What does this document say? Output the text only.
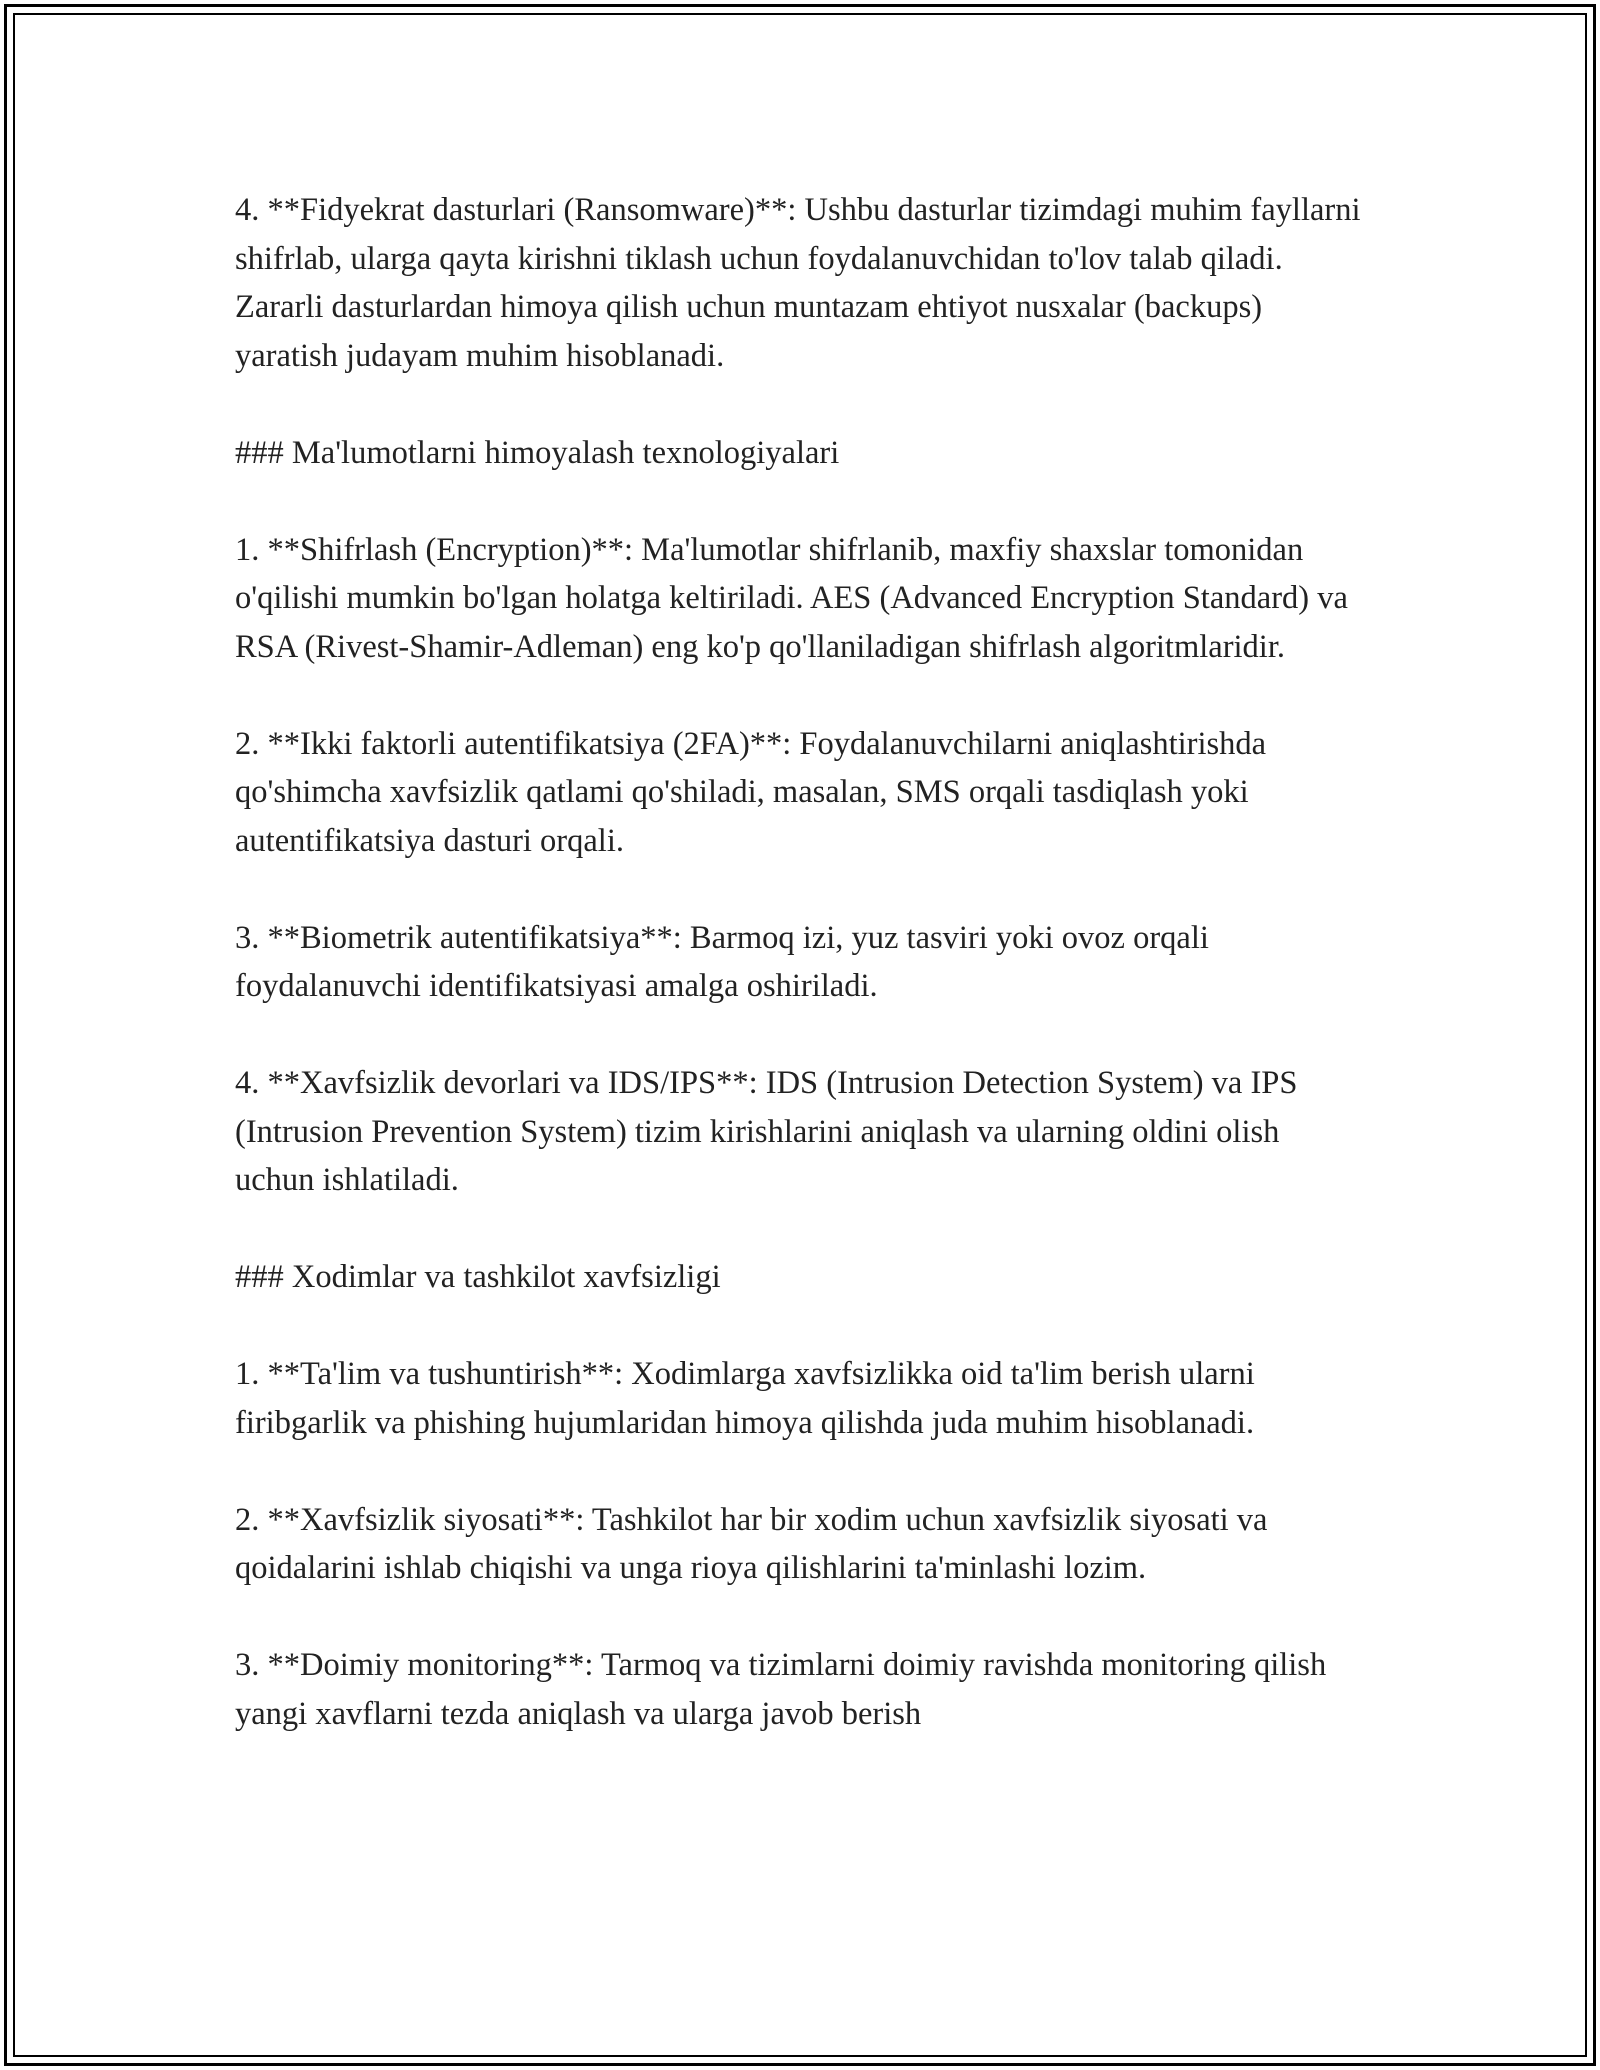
4. **Fidyekrat dasturlari (Ransomware)**: Ushbu dasturlar tizimdagi muhim fayllarni shifrlab, ularga qayta kirishni tiklash uchun foydalanuvchidan to'lov talab qiladi. Zararli dasturlardan himoya qilish uchun muntazam ehtiyot nusxalar (backups) yaratish judayam muhim hisoblanadi.

### Ma'lumotlarni himoyalash texnologiyalari

1. **Shifrlash (Encryption)**: Ma'lumotlar shifrlanib, maxfiy shaxslar tomonidan o'qilishi mumkin bo'lgan holatga keltiriladi. AES (Advanced Encryption Standard) va RSA (Rivest-Shamir-Adleman) eng ko'p qo'llaniladigan shifrlash algoritmlaridir.

2. **Ikki faktorli autentifikatsiya (2FA)**: Foydalanuvchilarni aniqlashtirishda qo'shimcha xavfsizlik qatlami qo'shiladi, masalan, SMS orqali tasdiqlash yoki autentifikatsiya dasturi orqali.

3. **Biometrik autentifikatsiya**: Barmoq izi, yuz tasviri yoki ovoz orqali foydalanuvchi identifikatsiyasi amalga oshiriladi.

4. **Xavfsizlik devorlari va IDS/IPS**: IDS (Intrusion Detection System) va IPS (Intrusion Prevention System) tizim kirishlarini aniqlash va ularning oldini olish uchun ishlatiladi.

### Xodimlar va tashkilot xavfsizligi

1. **Ta'lim va tushuntirish**: Xodimlarga xavfsizlikka oid ta'lim berish ularni firibgarlik va phishing hujumlaridan himoya qilishda juda muhim hisoblanadi.

2. **Xavfsizlik siyosati**: Tashkilot har bir xodim uchun xavfsizlik siyosati va qoidalarini ishlab chiqishi va unga rioya qilishlarini ta'minlashi lozim.

3. **Doimiy monitoring**: Tarmoq va tizimlarni doimiy ravishda monitoring qilish yangi xavflarni tezda aniqlash va ularga javob berish
